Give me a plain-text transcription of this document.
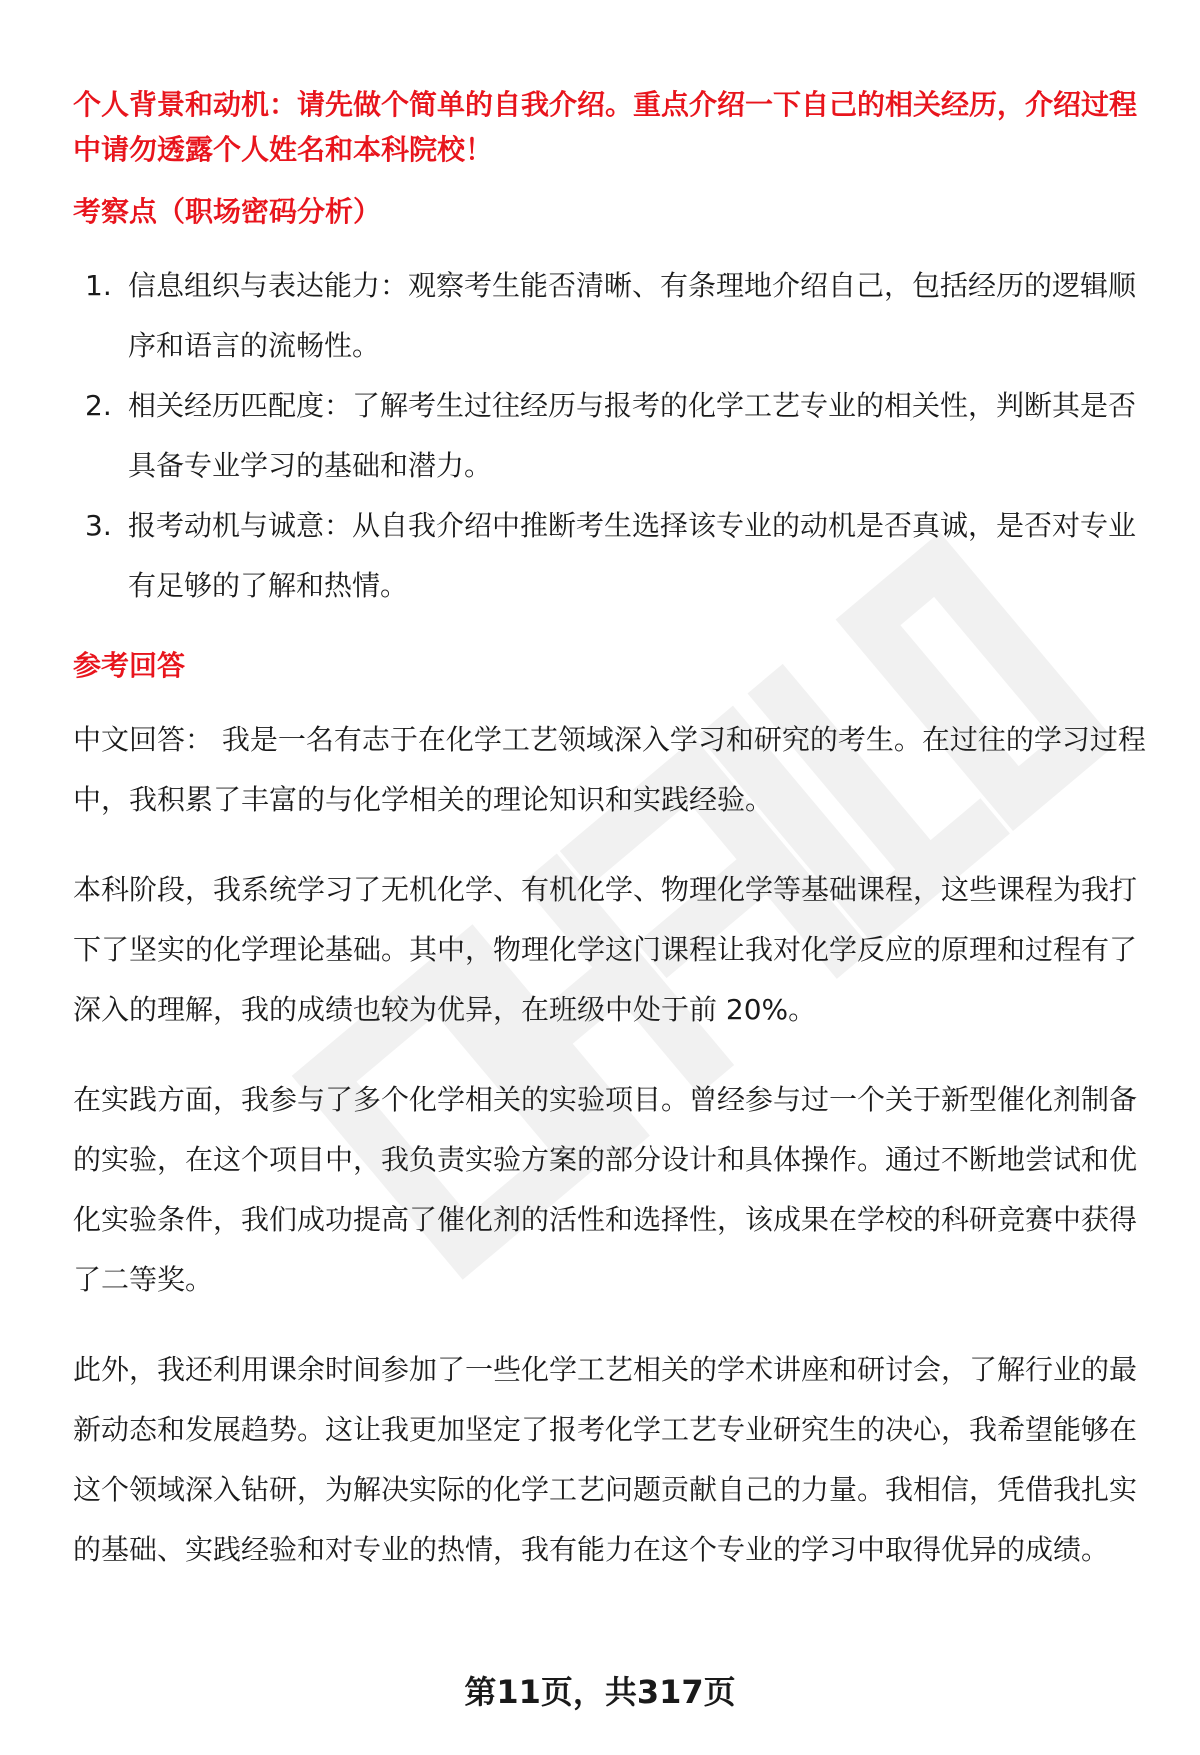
个人背景和动机：请先做个简单的自我介绍。重点介绍一下自己的相关经历，介绍过程中请勿透露个人姓名和本科院校！

考察点（职场密码分析）
1. 信息组织与表达能力：观察考生能否清晰、有条理地介绍自己，包括经历的逻辑顺序和语言的流畅性。
2. 相关经历匹配度：了解考生过往经历与报考的化学工艺专业的相关性，判断其是否具备专业学习的基础和潜力。
3. 报考动机与诚意：从自我介绍中推断考生选择该专业的动机是否真诚，是否对专业有足够的了解和热情。
参考回答

中文回答： 我是一名有志于在化学工艺领域深入学习和研究的考生。在过往的学习过程中，我积累了丰富的与化学相关的理论知识和实践经验。

本科阶段，我系统学习了无机化学、有机化学、物理化学等基础课程，这些课程为我打下了坚实的化学理论基础。其中，物理化学这门课程让我对化学反应的原理和过程有了深入的理解，我的成绩也较为优异，在班级中处于前 20%。

在实践方面，我参与了多个化学相关的实验项目。曾经参与过一个关于新型催化剂制备的实验，在这个项目中，我负责实验方案的部分设计和具体操作。通过不断地尝试和优化实验条件，我们成功提高了催化剂的活性和选择性，该成果在学校的科研竞赛中获得了二等奖。

此外，我还利用课余时间参加了一些化学工艺相关的学术讲座和研讨会，了解行业的最新动态和发展趋势。这让我更加坚定了报考化学工艺专业研究生的决心，我希望能够在这个领域深入钻研，为解决实际的化学工艺问题贡献自己的力量。我相信，凭借我扎实的基础、实践经验和对专业的热情，我有能力在这个专业的学习中取得优异的成绩。

第11页，共317页
